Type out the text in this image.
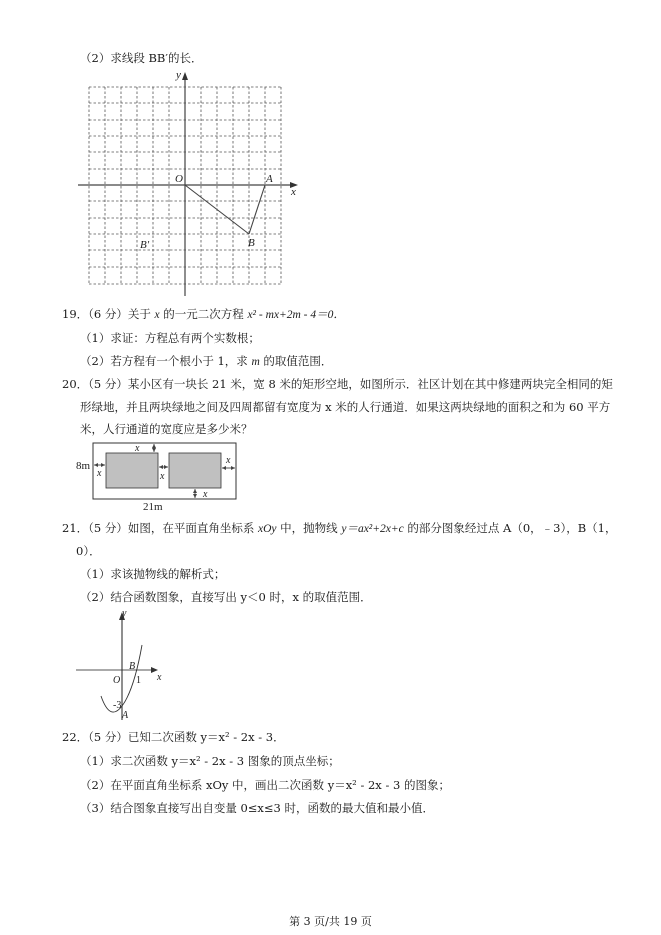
（2）求线段 BB′的长．
y
x
O	A
B
B′
19．（6 分）关于 x 的一元二次方程 x² - mx+2m - 4＝0．
（1）求证：方程总有两个实数根；
（2）若方程有一个根小于 1，求 m 的取值范围．
20．（5 分）某小区有一块长 21 米，宽 8 米的矩形空地，如图所示．社区计划在其中修建两块完全相同的矩
形绿地，并且两块绿地之间及四周都留有宽度为 x 米的人行通道．如果这两块绿地的面积之和为 60 平方
米，人行通道的宽度应是多少米？
8m
21m
x
x	x
x
x
21．（5 分）如图，在平面直角坐标系 xOy 中，抛物线 y＝ax²+2x+c 的部分图象经过点 A（0，﹣3），B（1，
0）．
（1）求该抛物线的解析式；
（2）结合函数图象，直接写出 y＜0 时，x 的取值范围．
y
x
O
B
1
-3
A
22．（5 分）已知二次函数 y＝x² - 2x - 3．
（1）求二次函数 y＝x² - 2x - 3 图象的顶点坐标；
（2）在平面直角坐标系 xOy 中，画出二次函数 y＝x² - 2x - 3 的图象；
（3）结合图象直接写出自变量 0≤x≤3 时，函数的最大值和最小值．
第 3 页/共 19 页
